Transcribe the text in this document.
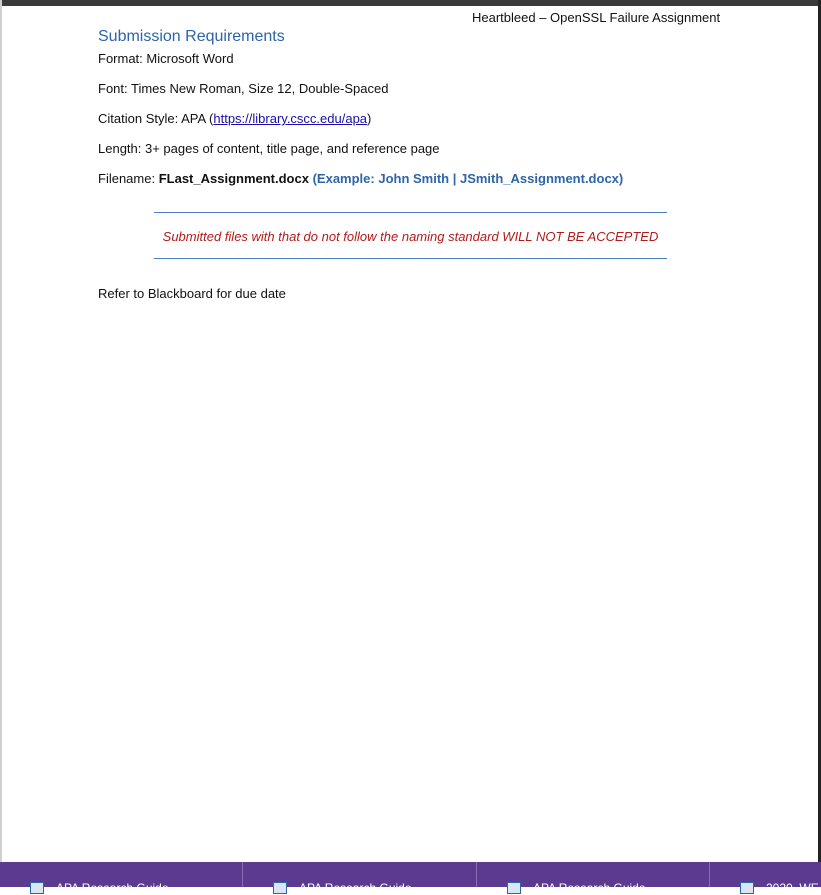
Heartbleed – OpenSSL Failure Assignment
Submission Requirements
Format: Microsoft Word
Font: Times New Roman, Size 12, Double-Spaced
Citation Style: APA (https://library.cscc.edu/apa)
Length: 3+ pages of content, title page, and reference page
Filename: FLast_Assignment.docx (Example: John Smith | JSmith_Assignment.docx)
Submitted files with that do not follow the naming standard WILL NOT BE ACCEPTED
Refer to Blackboard for due date
APA Research Guide	APA Research Guide	APA Research Guide	2020_WE
